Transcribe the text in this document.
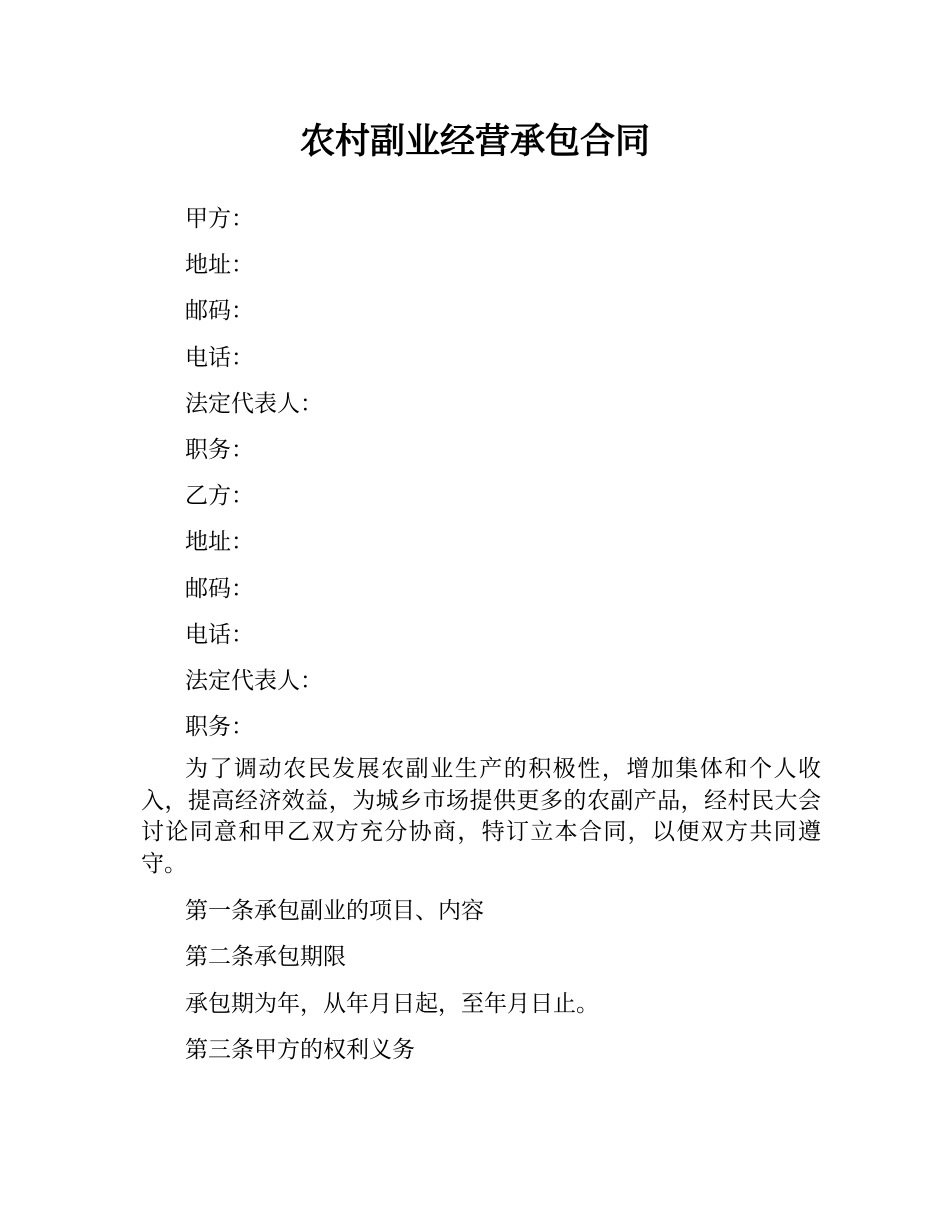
农村副业经营承包合同

甲方：

地址：

邮码：

电话：

法定代表人：

职务：

乙方：

地址：

邮码：

电话：

法定代表人：

职务：

为了调动农民发展农副业生产的积极性，增加集体和个人收入，提高经济效益，为城乡市场提供更多的农副产品，经村民大会讨论同意和甲乙双方充分协商，特订立本合同，以便双方共同遵守。

第一条承包副业的项目、内容

第二条承包期限

承包期为年，从年月日起，至年月日止。

第三条甲方的权利义务
